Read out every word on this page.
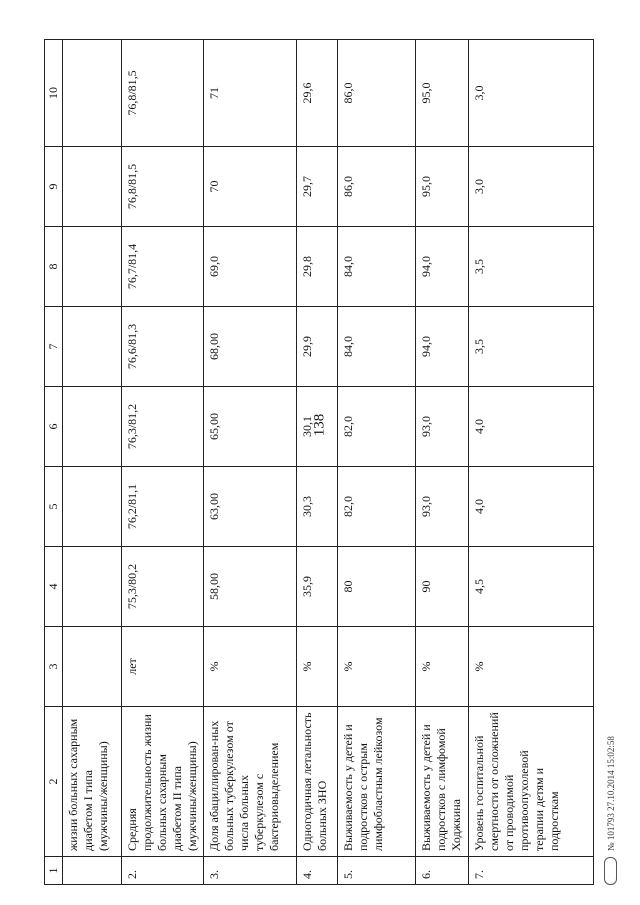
138
1	2	3	4	5	6	7	8	9	10
	жизни больных сахарным диабетом I типа (мужчины/женщины)								
2.	Средняя продолжительность жизни больных сахарным диабетом II типа (мужчины/женщины)	лет	75,3/80,2	76,2/81,1	76,3/81,2	76,6/81,3	76,7/81,4	76,8/81,5	76,8/81,5
3.	Доля абациллирован-ных больных туберкулезом от числа больных туберкулезом с бактериовыделением	%	58,00	63,00	65,00	68,00	69,0	70	71
4.	Одногодичная летальность больных ЗНО	%	35,9	30,3	30,1	29,9	29,8	29,7	29,6
5.	Выживаемость у детей и подростков с острым лимфобластным лейкозом	%	80	82,0	82,0	84,0	84,0	86,0	86,0
6.	Выживаемость у детей и подростков с лимфомой Ходжкина	%	90	93,0	93,0	94,0	94,0	95,0	95,0
7.	Уровень госпитальной смертности от осложнений от проводимой противоопухолевой терапии детям и подросткам	%	4,5	4,0	4,0	3,5	3,5	3,0	3,0
№ 101793 27.10.2014 15:02:58
